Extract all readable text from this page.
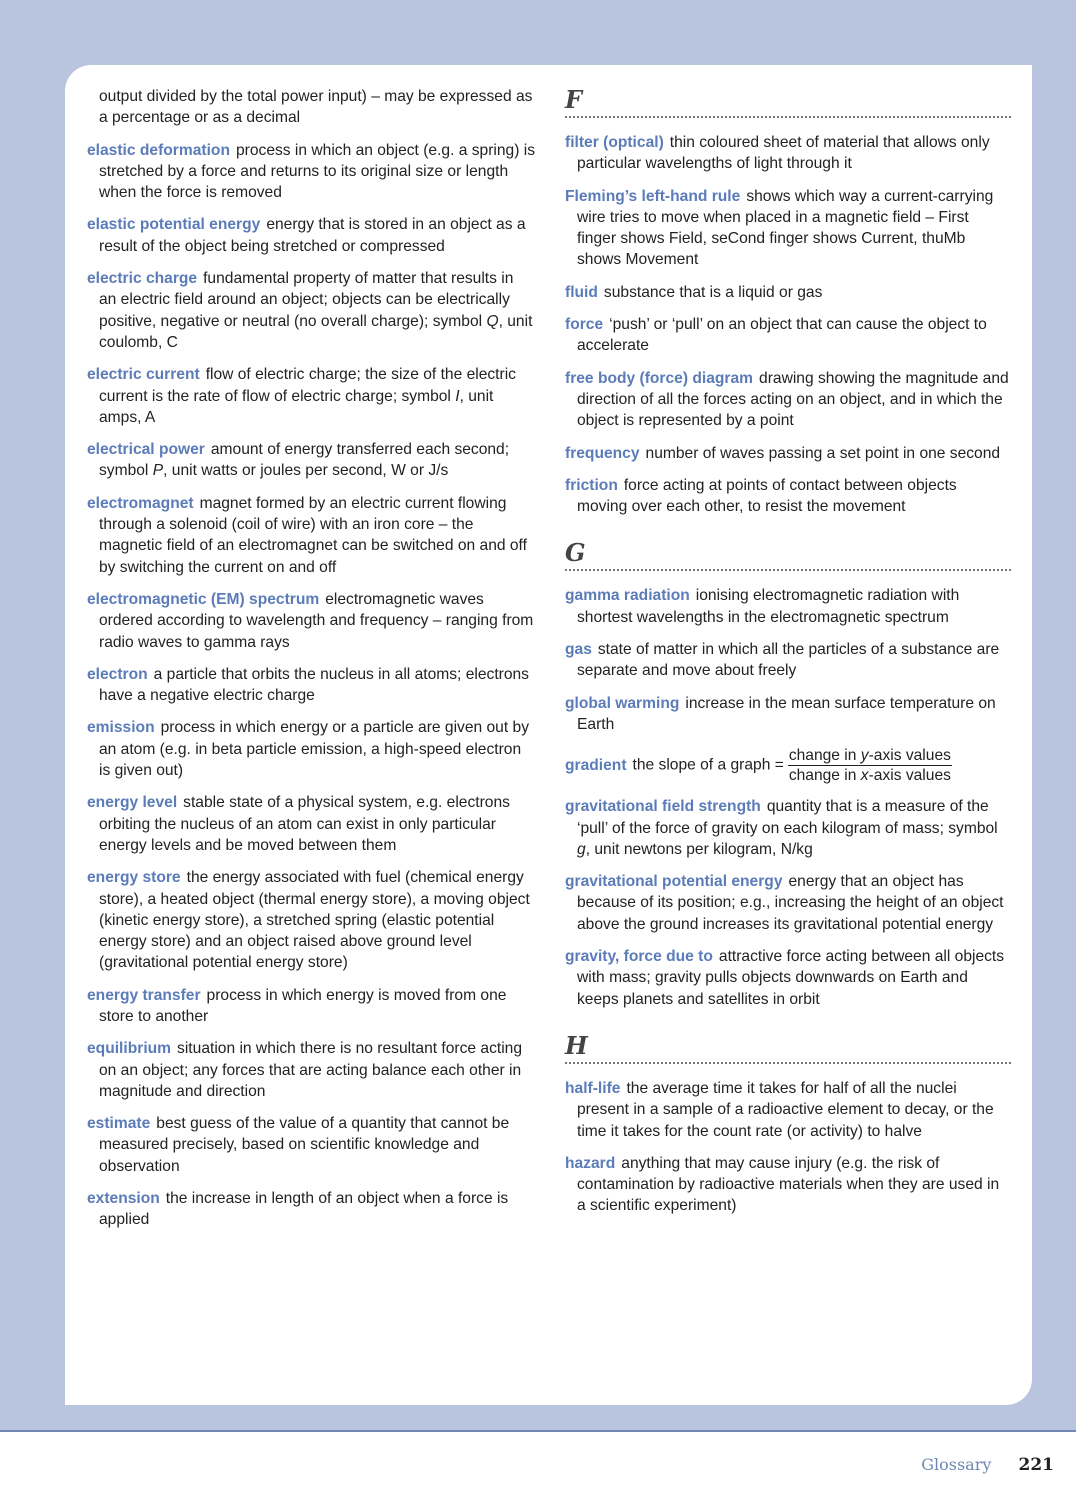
output divided by the total power input) – may be expressed as a percentage or as a decimal
elastic deformation process in which an object (e.g. a spring) is stretched by a force and returns to its original size or length when the force is removed
elastic potential energy energy that is stored in an object as a result of the object being stretched or compressed
electric charge fundamental property of matter that results in an electric field around an object; objects can be electrically positive, negative or neutral (no overall charge); symbol Q, unit coulomb, C
electric current flow of electric charge; the size of the electric current is the rate of flow of electric charge; symbol I, unit amps, A
electrical power amount of energy transferred each second; symbol P, unit watts or joules per second, W or J/s
electromagnet magnet formed by an electric current flowing through a solenoid (coil of wire) with an iron core – the magnetic field of an electromagnet can be switched on and off by switching the current on and off
electromagnetic (EM) spectrum electromagnetic waves ordered according to wavelength and frequency – ranging from radio waves to gamma rays
electron a particle that orbits the nucleus in all atoms; electrons have a negative electric charge
emission process in which energy or a particle are given out by an atom (e.g. in beta particle emission, a high-speed electron is given out)
energy level stable state of a physical system, e.g. electrons orbiting the nucleus of an atom can exist in only particular energy levels and be moved between them
energy store the energy associated with fuel (chemical energy store), a heated object (thermal energy store), a moving object (kinetic energy store), a stretched spring (elastic potential energy store) and an object raised above ground level (gravitational potential energy store)
energy transfer process in which energy is moved from one store to another
equilibrium situation in which there is no resultant force acting on an object; any forces that are acting balance each other in magnitude and direction
estimate best guess of the value of a quantity that cannot be measured precisely, based on scientific knowledge and observation
extension the increase in length of an object when a force is applied
F
filter (optical) thin coloured sheet of material that allows only particular wavelengths of light through it
Fleming’s left-hand rule shows which way a current-carrying wire tries to move when placed in a magnetic field – First finger shows Field, seCond finger shows Current, thuMb shows Movement
fluid substance that is a liquid or gas
force ‘push’ or ‘pull’ on an object that can cause the object to accelerate
free body (force) diagram drawing showing the magnitude and direction of all the forces acting on an object, and in which the object is represented by a point
frequency number of waves passing a set point in one second
friction force acting at points of contact between objects moving over each other, to resist the movement
G
gamma radiation ionising electromagnetic radiation with shortest wavelengths in the electromagnetic spectrum
gas state of matter in which all the particles of a substance are separate and move about freely
global warming increase in the mean surface temperature on Earth
gradient the slope of a graph = $\frac{\text{change in y-axis values}}{\text{change in x-axis values}}$
gravitational field strength quantity that is a measure of the ‘pull’ of the force of gravity on each kilogram of mass; symbol g, unit newtons per kilogram, N/kg
gravitational potential energy energy that an object has because of its position; e.g., increasing the height of an object above the ground increases its gravitational potential energy
gravity, force due to attractive force acting between all objects with mass; gravity pulls objects downwards on Earth and keeps planets and satellites in orbit
H
half-life the average time it takes for half of all the nuclei present in a sample of a radioactive element to decay, or the time it takes for the count rate (or activity) to halve
hazard anything that may cause injury (e.g. the risk of contamination by radioactive materials when they are used in a scientific experiment)
Glossary 221
